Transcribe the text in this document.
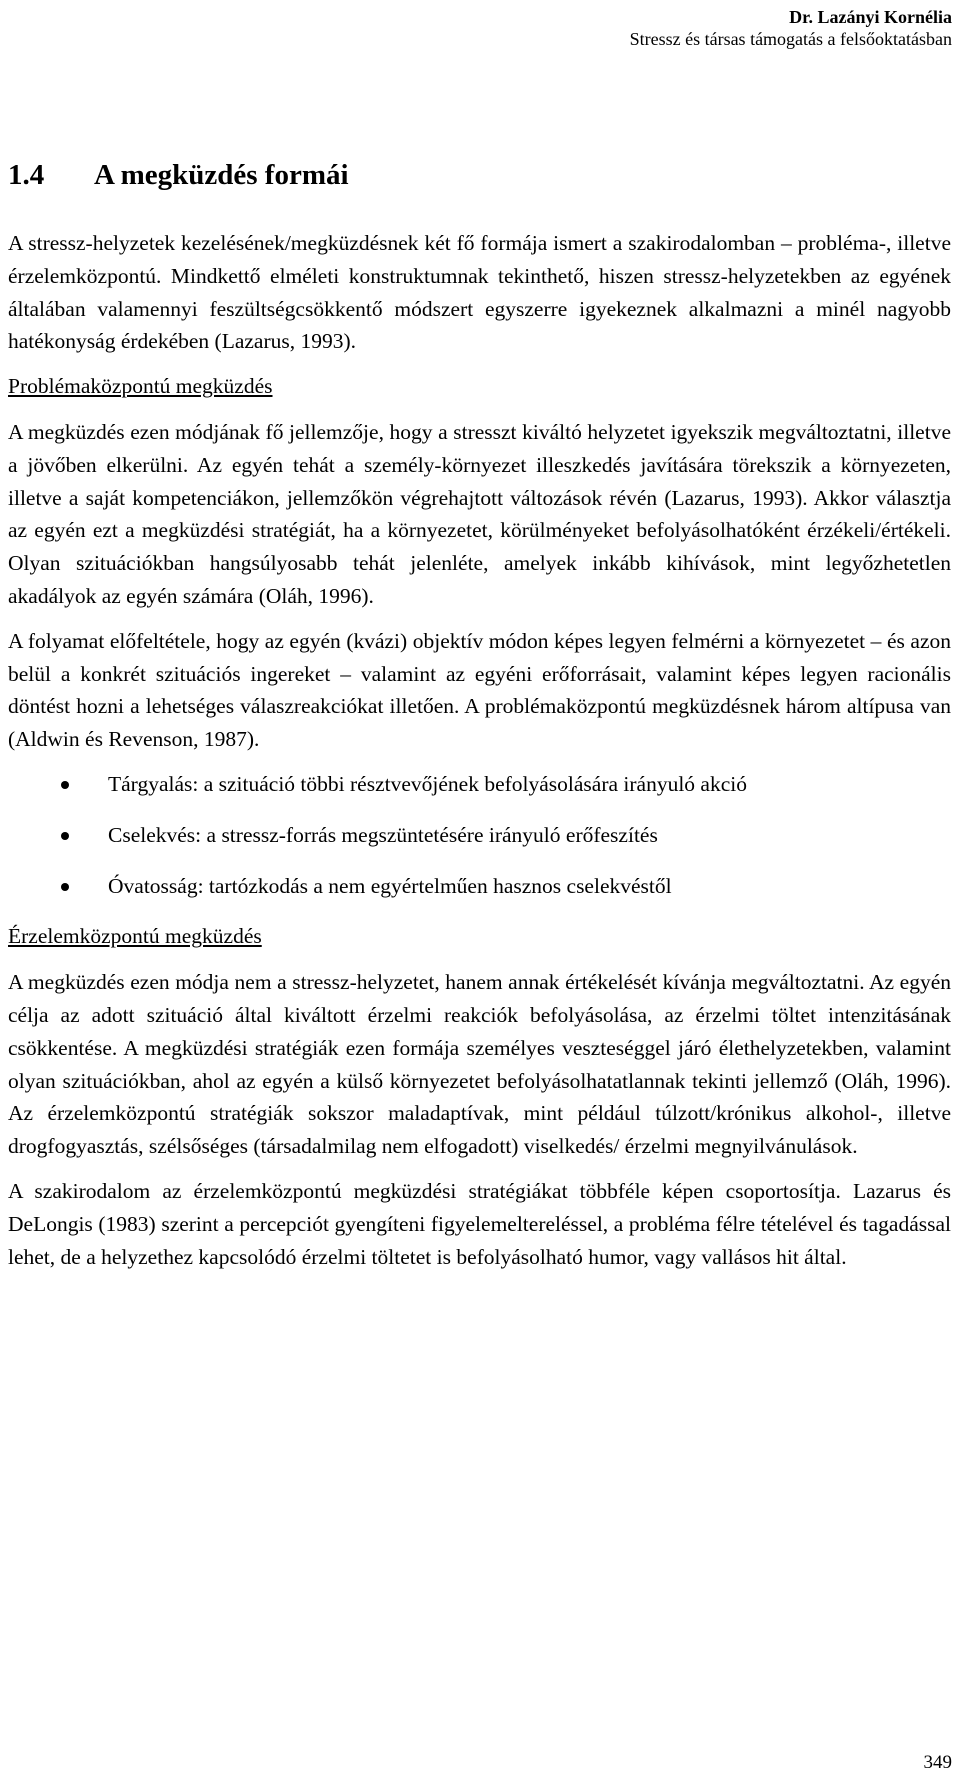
Dr. Lazányi Kornélia
Stressz és társas támogatás a felsőoktatásban
1.4 A megküzdés formái

A stressz-helyzetek kezelésének/megküzdésnek két fő formája ismert a szakirodalomban – probléma-, illetve érzelemközpontú. Mindkettő elméleti konstruktumnak tekinthető, hiszen stressz-helyzetekben az egyének általában valamennyi feszültségcsökkentő módszert egyszerre igyekeznek alkalmazni a minél nagyobb hatékonyság érdekében (Lazarus, 1993).

Problémaközpontú megküzdés

A megküzdés ezen módjának fő jellemzője, hogy a stresszt kiváltó helyzetet igyekszik megváltoztatni, illetve a jövőben elkerülni. Az egyén tehát a személy-környezet illeszkedés javítására törekszik a környezeten, illetve a saját kompetenciákon, jellemzőkön végrehajtott változások révén (Lazarus, 1993). Akkor választja az egyén ezt a megküzdési stratégiát, ha a környezetet, körülményeket befolyásolhatóként érzékeli/értékeli. Olyan szituációkban hangsúlyosabb tehát jelenléte, amelyek inkább kihívások, mint legyőzhetetlen akadályok az egyén számára (Oláh, 1996).

A folyamat előfeltétele, hogy az egyén (kvázi) objektív módon képes legyen felmérni a környezetet – és azon belül a konkrét szituációs ingereket – valamint az egyéni erőforrásait, valamint képes legyen racionális döntést hozni a lehetséges válaszreakciókat illetően. A problémaközpontú megküzdésnek három altípusa van (Aldwin és Revenson, 1987).

Tárgyalás: a szituáció többi résztvevőjének befolyásolására irányuló akció
Cselekvés: a stressz-forrás megszüntetésére irányuló erőfeszítés
Óvatosság: tartózkodás a nem egyértelműen hasznos cselekvéstől
Érzelemközpontú megküzdés

A megküzdés ezen módja nem a stressz-helyzetet, hanem annak értékelését kívánja megváltoztatni. Az egyén célja az adott szituáció által kiváltott érzelmi reakciók befolyásolása, az érzelmi töltet intenzitásának csökkentése. A megküzdési stratégiák ezen formája személyes veszteséggel járó élethelyzetekben, valamint olyan szituációkban, ahol az egyén a külső környezetet befolyásolhatatlannak tekinti jellemző (Oláh, 1996). Az érzelemközpontú stratégiák sokszor maladaptívak, mint például túlzott/krónikus alkohol-, illetve drogfogyasztás, szélsőséges (társadalmilag nem elfogadott) viselkedés/ érzelmi megnyilvánulások.

A szakirodalom az érzelemközpontú megküzdési stratégiákat többféle képen csoportosítja. Lazarus és DeLongis (1983) szerint a percepciót gyengíteni figyelemeltereléssel, a probléma félre tételével és tagadással lehet, de a helyzethez kapcsolódó érzelmi töltetet is befolyásolható humor, vagy vallásos hit által.

349
